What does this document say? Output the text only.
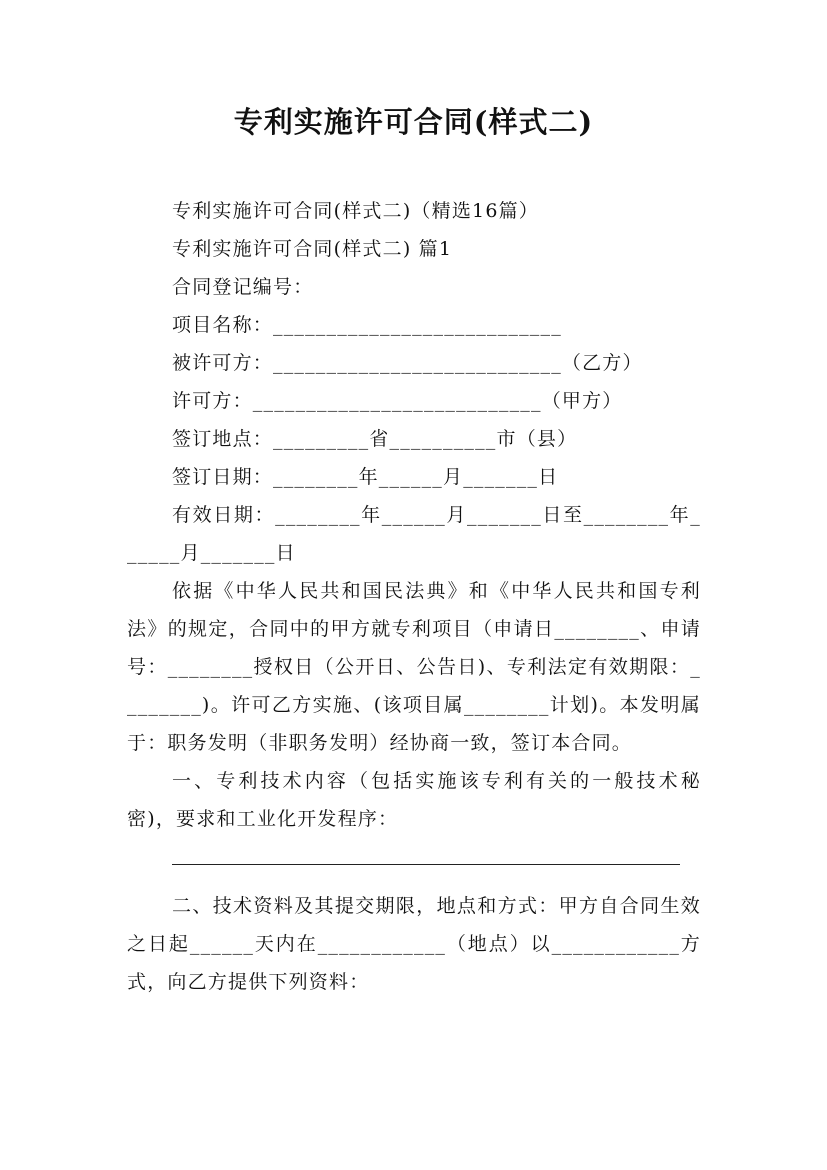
专利实施许可合同(样式二)

专利实施许可合同(样式二)（精选16篇）

专利实施许可合同(样式二) 篇1

合同登记编号：

项目名称：___________________________

被许可方：___________________________（乙方）

许可方：___________________________（甲方）

签订地点：_________省__________市（县）

签订日期：________年______月_______日

有效日期：________年______月_______日至________年______月_______日

依据《中华人民共和国民法典》和《中华人民共和国专利法》的规定，合同中的甲方就专利项目（申请日________、申请号：________授权日（公开日、公告日)、专利法定有效期限：________)。许可乙方实施、(该项目属________计划)。本发明属于：职务发明（非职务发明）经协商一致，签订本合同。

一、专利技术内容（包括实施该专利有关的一般技术秘密)，要求和工业化开发程序：

二、技术资料及其提交期限，地点和方式：甲方自合同生效之日起______天内在____________（地点）以____________方式，向乙方提供下列资料：
